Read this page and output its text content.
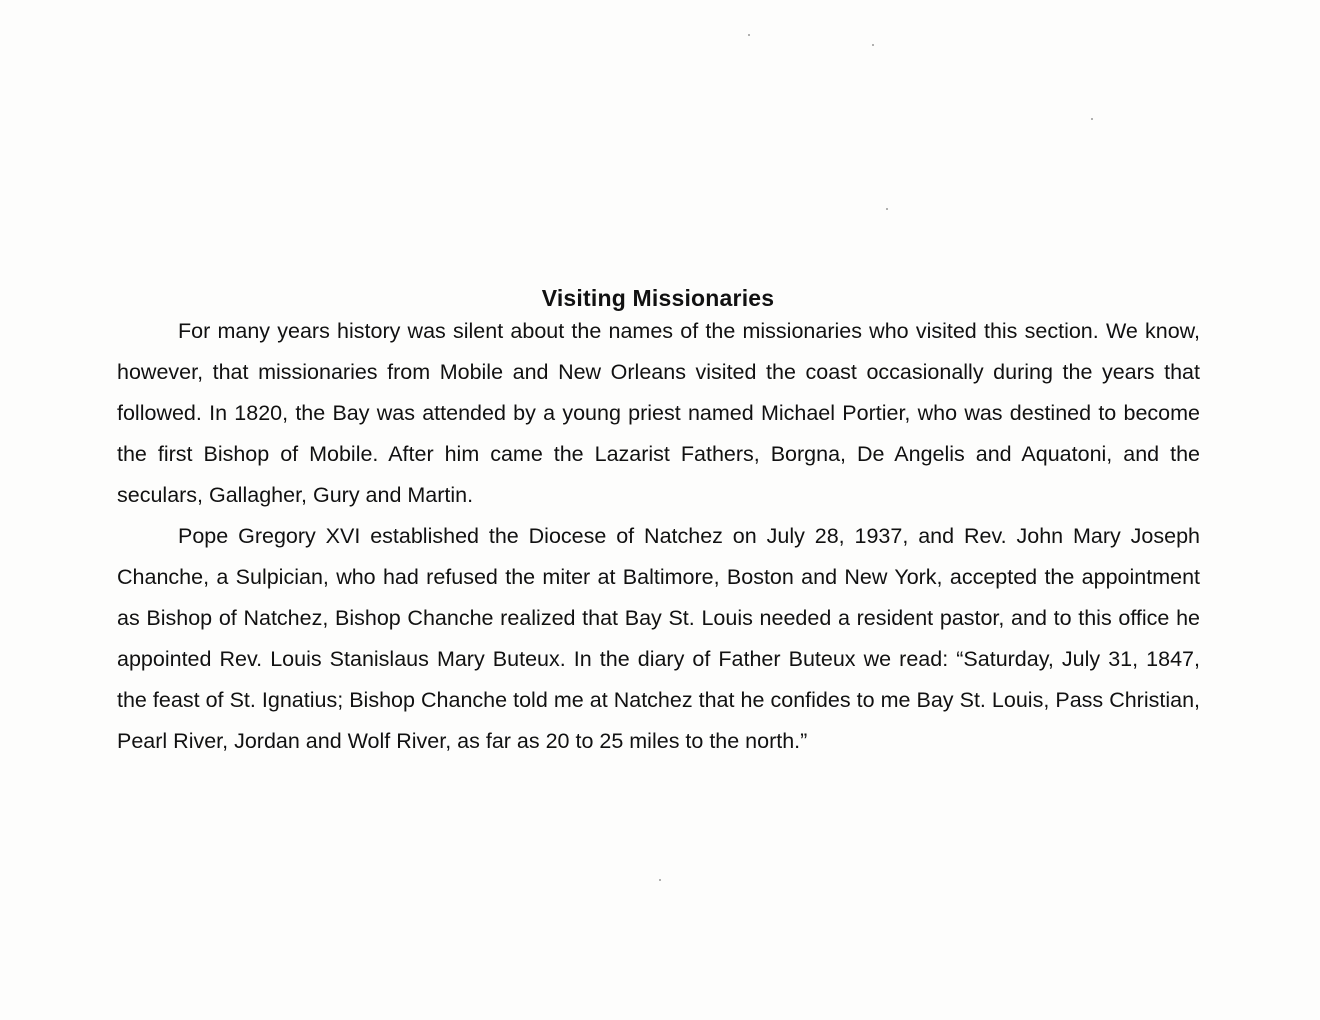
Visiting Missionaries

For many years history was silent about the names of the missionaries who visited this section. We know, however, that missionaries from Mobile and New Orleans visited the coast occasionally during the years that followed. In 1820, the Bay was attended by a young priest named Michael Portier, who was destined to become the first Bishop of Mobile. After him came the Lazarist Fathers, Borgna, De Angelis and Aquatoni, and the seculars, Gallagher, Gury and Martin.

Pope Gregory XVI established the Diocese of Natchez on July 28, 1937, and Rev. John Mary Joseph Chanche, a Sulpician, who had refused the miter at Baltimore, Boston and New York, accepted the appointment as Bishop of Natchez, Bishop Chanche realized that Bay St. Louis needed a resident pastor, and to this office he appointed Rev. Louis Stanislaus Mary Buteux. In the diary of Father Buteux we read: “Saturday, July 31, 1847, the feast of St. Ignatius; Bishop Chanche told me at Natchez that he confides to me Bay St. Louis, Pass Christian, Pearl River, Jordan and Wolf River, as far as 20 to 25 miles to the north.”
